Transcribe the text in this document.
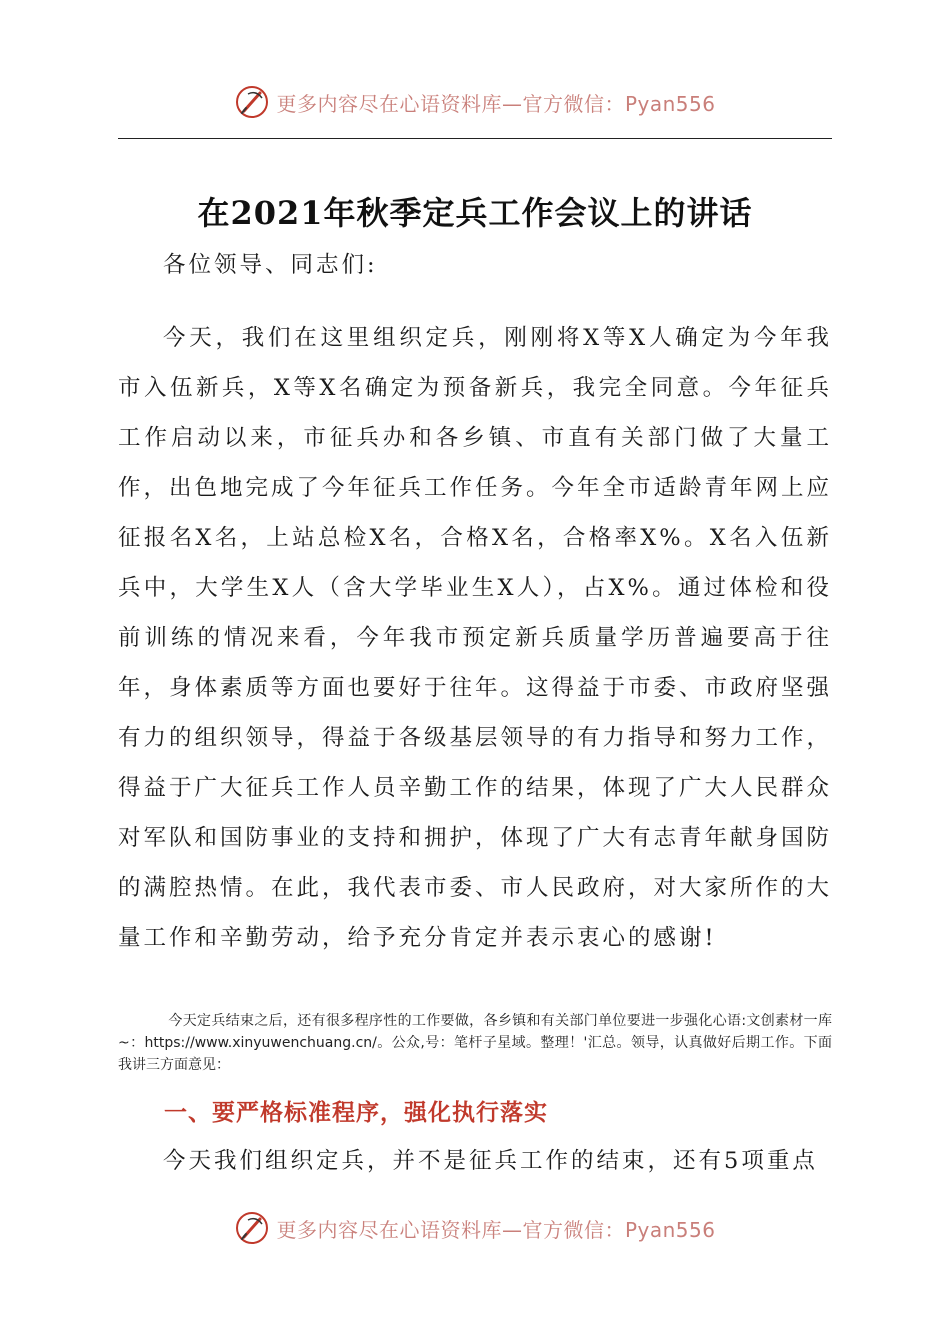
更多内容尽在心语资料库—官方微信：Pyan556
在2021年秋季定兵工作会议上的讲话

各位领导、同志们:

今天，我们在这里组织定兵，刚刚将X等X人确定为今年我市入伍新兵，X等X名确定为预备新兵，我完全同意。今年征兵工作启动以来，市征兵办和各乡镇、市直有关部门做了大量工作，出色地完成了今年征兵工作任务。今年全市适龄青年网上应征报名X名，上站总检X名，合格X名，合格率X%。X名入伍新兵中，大学生X人（含大学毕业生X人），占X%。通过体检和役前训练的情况来看，今年我市预定新兵质量学历普遍要高于往年，身体素质等方面也要好于往年。这得益于市委、市政府坚强有力的组织领导，得益于各级基层领导的有力指导和努力工作，得益于广大征兵工作人员辛勤工作的结果，体现了广大人民群众对军队和国防事业的支持和拥护，体现了广大有志青年献身国防的满腔热情。在此，我代表市委、市人民政府，对大家所作的大量工作和辛勤劳动，给予充分肯定并表示衷心的感谢!

今天定兵结束之后，还有很多程序性的工作要做，各乡镇和有关部门单位要进一步强化心语:文创素材一库~：https://www.xinyuwenchuang.cn/。公众,号：笔杆子星域。整理！'汇总。领导，认真做好后期工作。下面我讲三方面意见：
一、要严格标准程序，强化执行落实

今天我们组织定兵，并不是征兵工作的结束，还有5项重点

更多内容尽在心语资料库—官方微信：Pyan556
